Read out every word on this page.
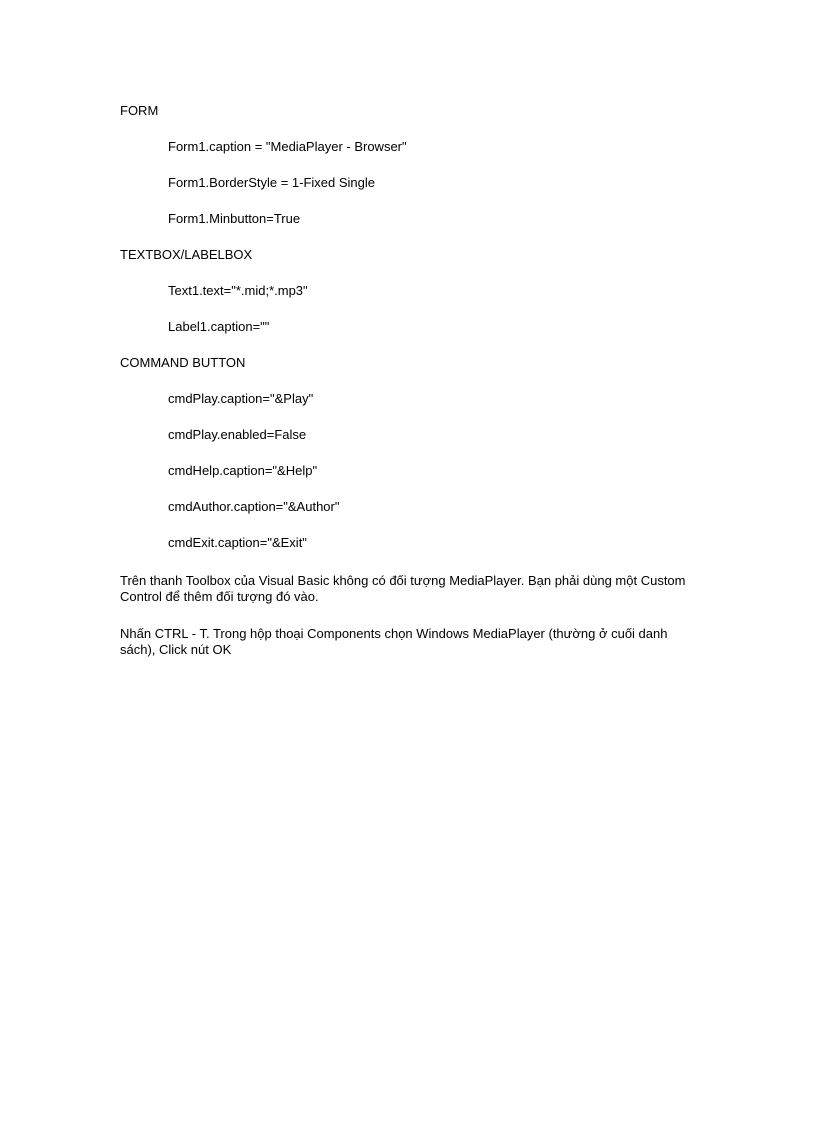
FORM
Form1.caption = "MediaPlayer - Browser"
Form1.BorderStyle = 1-Fixed Single
Form1.Minbutton=True
TEXTBOX/LABELBOX
Text1.text="*.mid;*.mp3"
Label1.caption=""
COMMAND BUTTON
cmdPlay.caption="&Play"
cmdPlay.enabled=False
cmdHelp.caption="&Help"
cmdAuthor.caption="&Author"
cmdExit.caption="&Exit"
Trên thanh Toolbox của Visual Basic không có đối tượng MediaPlayer. Bạn phải dùng một Custom Control để thêm đối tượng đó vào.
Nhấn CTRL - T. Trong hộp thoại Components chọn Windows MediaPlayer (thường ở cuối danh sách), Click nút OK
